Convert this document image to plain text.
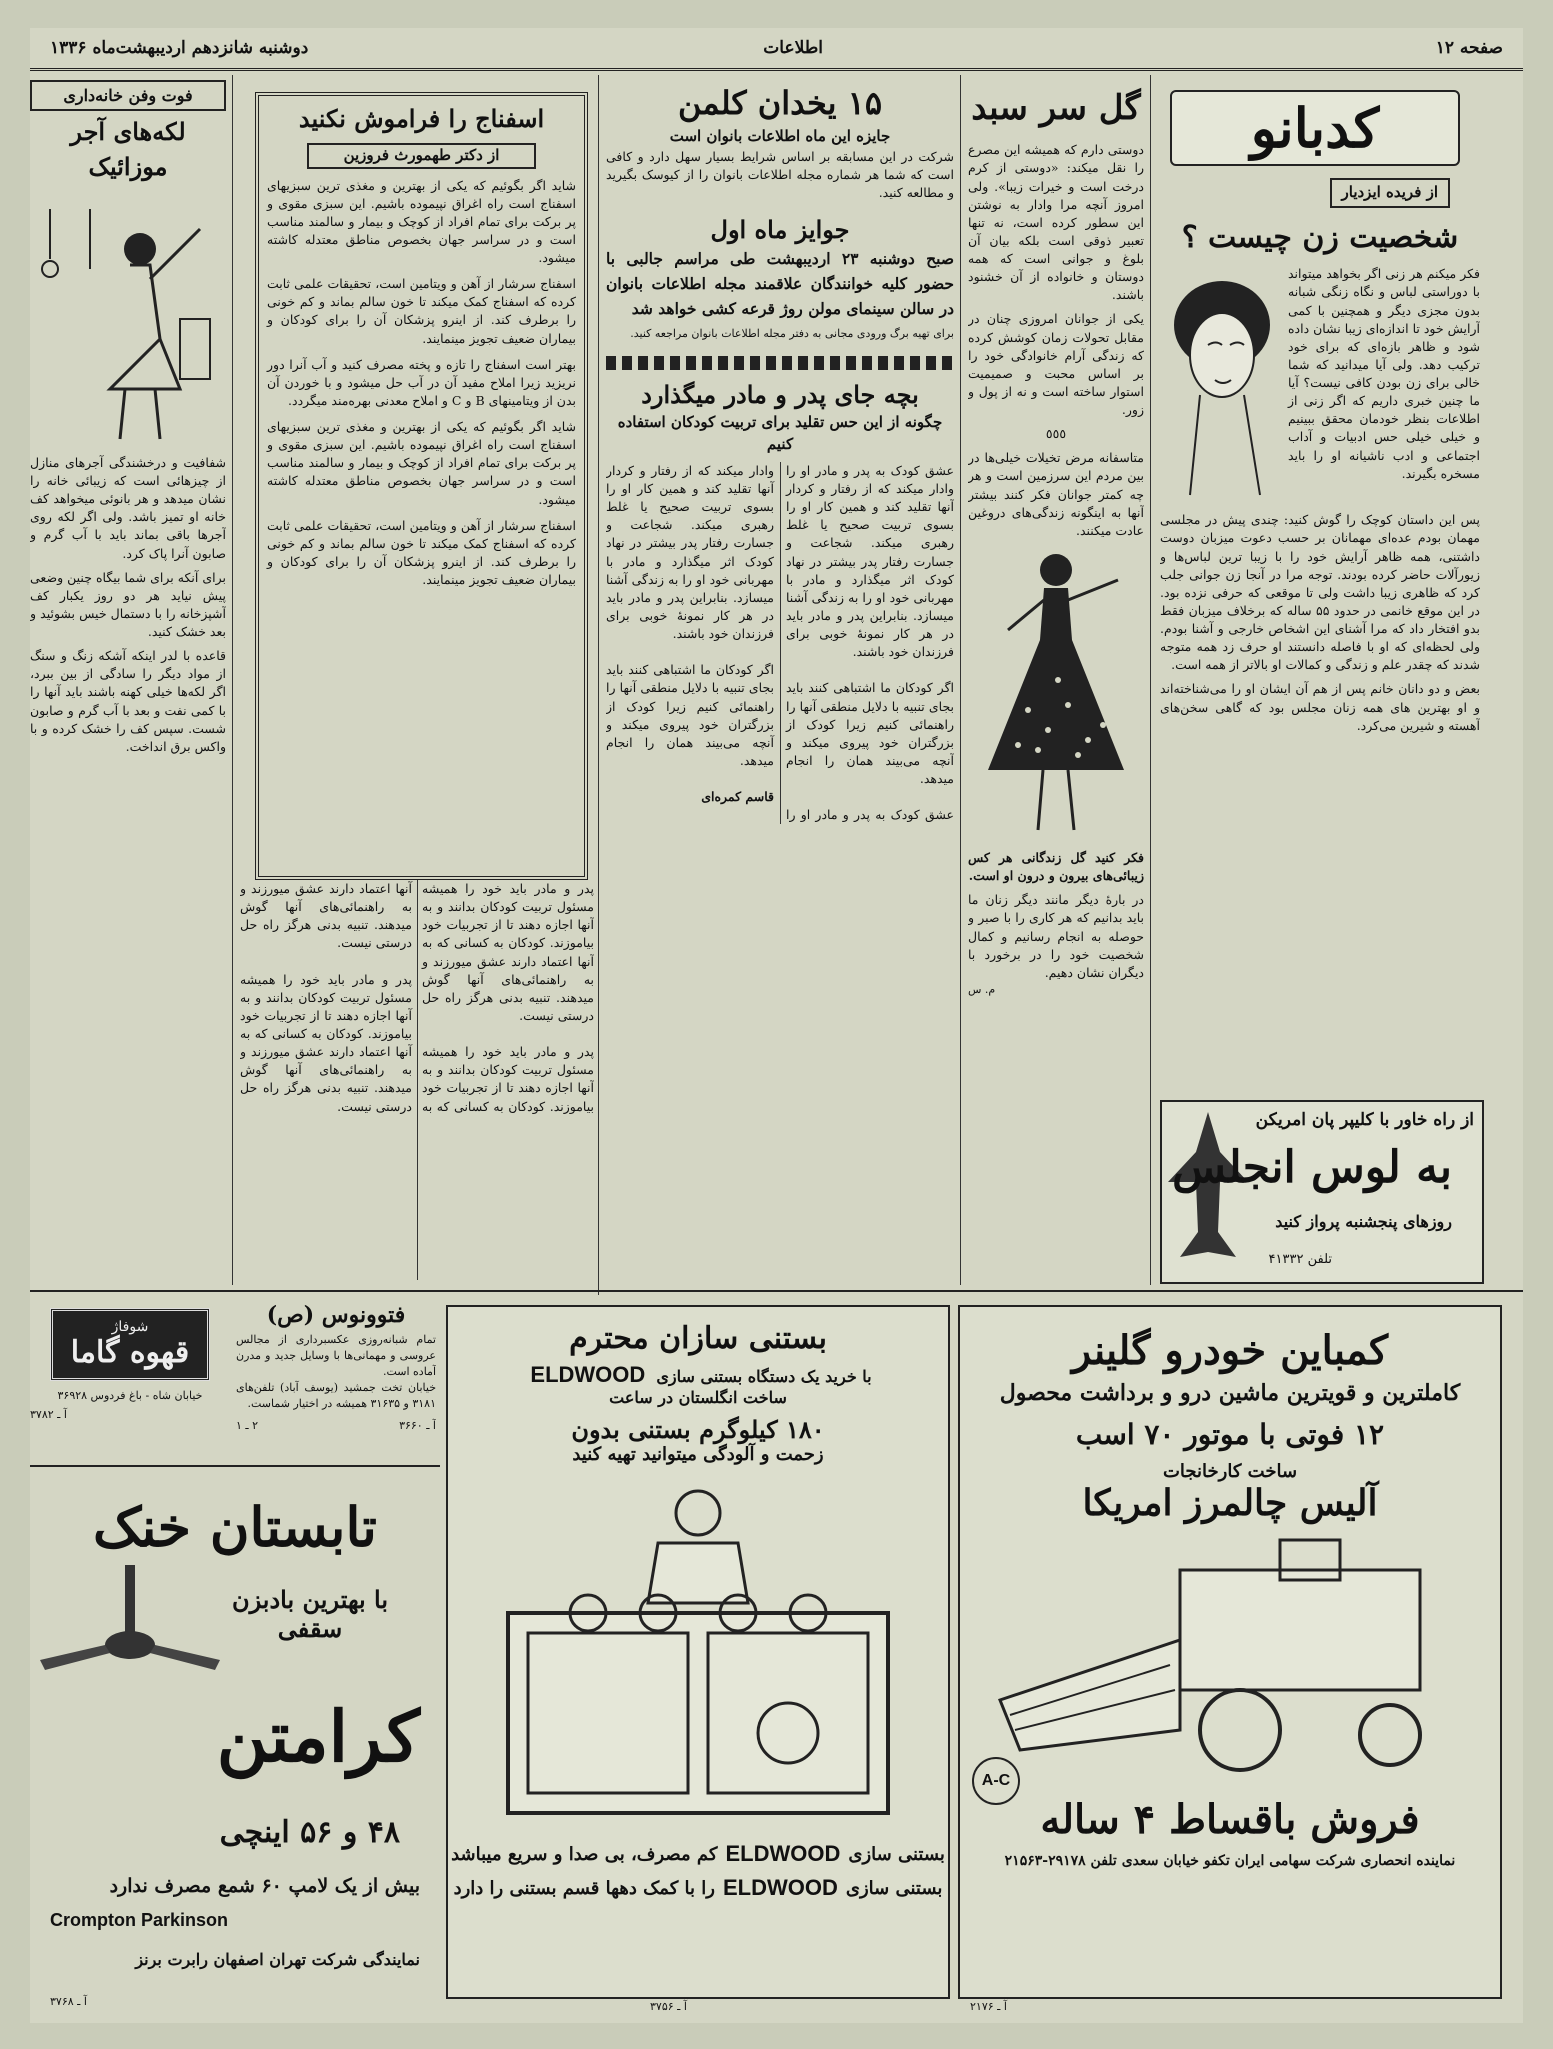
صفحه ۱۲
اطلاعات
دوشنبه شانزدهم اردیبهشت‌ماه ۱۳۳۶
کدبانو
از فریده ایزدیار
شخصیت زن چیست ؟
فکر میکنم هر زنی اگر بخواهد میتواند با دوراستی لباس و نگاه زنگی شبانه بدون مجزی دیگر و همچنین با کمی آرایش خود تا اندازه‌ای زیبا نشان داده شود و ظاهر بازه‌ای که برای خود ترکیب دهد. ولی آیا میدانید که شما خالی برای زن بودن کافی نیست؟ آیا ما چنین خبری داریم که اگر زنی از اطلاعات بنظر خودمان محقق ببینیم و خیلی خیلی حس ادبیات و آداب اجتماعی و ادب ناشیانه او را باید مسخره بگیرند.
پس این داستان کوچک را گوش کنید: چندی پیش در مجلسی مهمان بودم عده‌ای مهمانان بر حسب دعوت میزبان دوست داشتنی، همه ظاهر آرایش خود را با زیبا ترین لباس‌ها و زیورآلات حاضر کرده بودند. توجه مرا در آنجا زن جوانی جلب کرد که ظاهری زیبا داشت ولی تا موقعی که حرفی نزده بود. در این موقع خانمی در حدود ۵۵ ساله که برخلاف میزبان فقط بدو افتخار داد که مرا آشنای این اشخاص خارجی و آشنا بودم. ولی لحظه‌ای که او با فاصله دانستند او حرف زد همه متوجه شدند که چقدر علم و زندگی و کمالات او بالاتر از همه است.
بعض و دو دانان خانم پس از هم آن ایشان او را می‌شناخته‌اند و او بهترین ها‌ی همه زنان مجلس بود که گاهی سخن‌های آهسته و شیرین می‌کرد.
گل سر سبد
دوستی دارم که همیشه این مصرع را نقل میکند: «دوستی از کرم درخت است و خیرات زیبا». ولی امروز آنچه مرا وادار به نوشتن این سطور کرده است، نه تنها تعبیر ذوقی است بلکه بیان آن بلوغ و جوانی است که همه دوستان و خانواده از آن خشنود باشند.
یکی از جوانان امروزی چنان در مقابل تحولات زمان کوشش کرده که زندگی آرام خانوادگی خود را بر اساس محبت و صمیمیت استوار ساخته است و نه از پول و زور.
٥٥٥
متاسفانه مرض تخیلات خیلی‌ها در بین مردم این سرزمین است و هر چه کمتر جوانان فکر کنند بیشتر آنها به اینگونه زندگی‌های دروغین عادت میکنند.
فکر کنید گل زندگانی هر کس زیبائی‌های بیرون و درون او است.
در بارهٔ دیگر مانند دیگر زنان ما باید بدانیم که هر کاری را با صبر و حوصله به انجام رسانیم و کمال شخصیت خود را در برخورد با دیگران نشان دهیم.
م. س
از راه خاور با کلیپر پان امریکن
به لوس انجلس
روزهای پنجشنبه پرواز کنید
تلفن ۴۱۳۳۲
۱۵ یخدان کلمن
جایزه این ماه اطلاعات بانوان است
شرکت در این مسابقه بر اساس شرایط بسیار سهل دارد و کافی است که شما هر شماره مجله اطلاعات بانوان را از کیوسک بگیرید و مطالعه کنید.
جوایز ماه اول
صبح دوشنبه ۲۳ اردیبهشت طی مراسم جالبی با حضور کلیه خوانندگان علاقمند مجله اطلاعات بانوان در سالن سینمای مولن روژ قرعه کشی خواهد شد
برای تهیه برگ ورودی مجانی به دفتر مجله اطلاعات بانوان مراجعه کنید.
بچه جای پدر و مادر میگذارد
چگونه از این حس تقلید برای تربیت کودکان استفاده کنیم
عشق کودک به پدر و مادر او را وادار میکند که از رفتار و کردار آنها تقلید کند و همین کار او را بسوی تربیت صحیح یا غلط رهبری میکند. شجاعت و جسارت رفتار پدر بیشتر در نهاد کودک اثر میگذارد و مادر با مهربانی خود او را به زندگی آشنا میسازد. بنابراین پدر و مادر باید در هر کار نمونهٔ خوبی برای فرزندان خود باشند.

اگر کودکان ما اشتباهی کنند باید بجای تنبیه با دلایل منطقی آنها را راهنمائی کنیم زیرا کودک از بزرگتران خود پیروی میکند و آنچه می‌بیند همان را انجام میدهد.

عشق کودک به پدر و مادر او را وادار میکند که از رفتار و کردار آنها تقلید کند و همین کار او را بسوی تربیت صحیح یا غلط رهبری میکند. شجاعت و جسارت رفتار پدر بیشتر در نهاد کودک اثر میگذارد و مادر با مهربانی خود او را به زندگی آشنا میسازد. بنابراین پدر و مادر باید در هر کار نمونهٔ خوبی برای فرزندان خود باشند.

اگر کودکان ما اشتباهی کنند باید بجای تنبیه با دلایل منطقی آنها را راهنمائی کنیم زیرا کودک از بزرگتران خود پیروی میکند و آنچه می‌بیند همان را انجام میدهد.

قاسم کمره‌ای
اسفناج را فراموش نکنید
از دکتر طهمورث فروزین
شاید اگر بگوئیم که یکی از بهترین و مغذی ترین سبزیهای اسفناج است راه اغراق نپیموده باشیم. این سبزی مقوی و پر برکت برای تمام افراد از کوچک و بیمار و سالمند مناسب است و در سراسر جهان بخصوص مناطق معتدله کاشته میشود.
اسفناج سرشار از آهن و ویتامین است، تحقیقات علمی ثابت کرده که اسفناج کمک میکند تا خون سالم بماند و کم خونی را برطرف کند. از اینرو پزشکان آن را برای کودکان و بیماران ضعیف تجویز مینمایند.
بهتر است اسفناج را تازه و پخته مصرف کنید و آب آنرا دور نریزید زیرا املاح مفید آن در آب حل میشود و با خوردن آن بدن از ویتامینهای B و C و املاح معدنی بهره‌مند میگردد.
شاید اگر بگوئیم که یکی از بهترین و مغذی ترین سبزیهای اسفناج است راه اغراق نپیموده باشیم. این سبزی مقوی و پر برکت برای تمام افراد از کوچک و بیمار و سالمند مناسب است و در سراسر جهان بخصوص مناطق معتدله کاشته میشود.
اسفناج سرشار از آهن و ویتامین است، تحقیقات علمی ثابت کرده که اسفناج کمک میکند تا خون سالم بماند و کم خونی را برطرف کند. از اینرو پزشکان آن را برای کودکان و بیماران ضعیف تجویز مینمایند.
فوت وفن خانه‌داری
لکه‌های آجر موزائیک
شفافیت و درخشندگی آجرهای منازل از چیزهائی است که زیبائی خانه را نشان میدهد و هر بانوئی میخواهد کف خانه او تمیز باشد. ولی اگر لکه روی آجرها باقی بماند باید با آب گرم و صابون آنرا پاک کرد.
برای آنکه برای شما بیگاه چنین وضعی پیش نیاید هر دو روز یکبار کف آشپزخانه را با دستمال خیس بشوئید و بعد خشک کنید.
قاعده با لدر اینکه آشکه زنگ و سنگ از مواد دیگر را سادگی از بین ببرد، اگر لکه‌ها خیلی کهنه باشند باید آنها را با کمی نفت و بعد با آب گرم و صابون شست. سپس کف را خشک کرده و با واکس برق انداخت.
پدر و مادر باید خود را همیشه مسئول تربیت کودکان بدانند و به آنها اجازه دهند تا از تجربیات خود بیاموزند. کودکان به کسانی که به آنها اعتماد دارند عشق میورزند و به راهنمائی‌های آنها گوش میدهند. تنبیه بدنی هرگز راه حل درستی نیست.

پدر و مادر باید خود را همیشه مسئول تربیت کودکان بدانند و به آنها اجازه دهند تا از تجربیات خود بیاموزند. کودکان به کسانی که به آنها اعتماد دارند عشق میورزند و به راهنمائی‌های آنها گوش میدهند. تنبیه بدنی هرگز راه حل درستی نیست.

پدر و مادر باید خود را همیشه مسئول تربیت کودکان بدانند و به آنها اجازه دهند تا از تجربیات خود بیاموزند. کودکان به کسانی که به آنها اعتماد دارند عشق میورزند و به راهنمائی‌های آنها گوش میدهند. تنبیه بدنی هرگز راه حل درستی نیست.
شوفاژ
قهوه گاما
خیابان شاه - باغ فردوس ۳۶۹۲۸
آ ـ ۳۷۸۲
فتوونوس (ص)
تمام شبانه‌روزی عکسبرداری از مجالس عروسی و مهمانی‌ها با وسایل جدید و مدرن آماده است.
خیابان تخت جمشید (یوسف آباد) تلفن‌های ۳۱۸۱ و ۳۱۶۳۵ همیشه در اختیار شماست.
آ ـ ۳۶۶۰
۲ ـ ۱
تابستان خنک
با بهترین بادبزن سقفی
کرامتن
۴۸ و ۵۶ اینچی
بیش از یک لامپ ۶۰ شمع مصرف ندارد
Crompton Parkinson
نمایندگی شرکت تهران اصفهان رابرت برنز
آ ـ ۳۷۶۸
بستنی سازان محترم
با خرید یک دستگاه بستنی سازی ELDWOOD
ساخت انگلستان در ساعت
۱۸۰ کیلوگرم بستنی بدون
زحمت و آلودگی میتوانید تهیه کنید
بستنی سازی
ELDWOOD
کم مصرف، بی صدا و سریع میباشد
بستنی سازی
ELDWOOD
را با کمک دهها قسم بستنی را دارد
آ ـ ۳۷۵۶
کمباین خودرو گلینر
کاملترین و قویترین ماشین درو و برداشت محصول
۱۲ فوتی با موتور ۷۰ اسب
ساخت کارخانجات
آلیس چالمرز امریکا
A-C
فروش باقساط ۴ ساله
نماینده انحصاری شرکت سهامی ایران تکفو خیابان سعدی تلفن ۲۹۱۷۸-۲۱۵۶۳
آ ـ ۲۱۷۶
